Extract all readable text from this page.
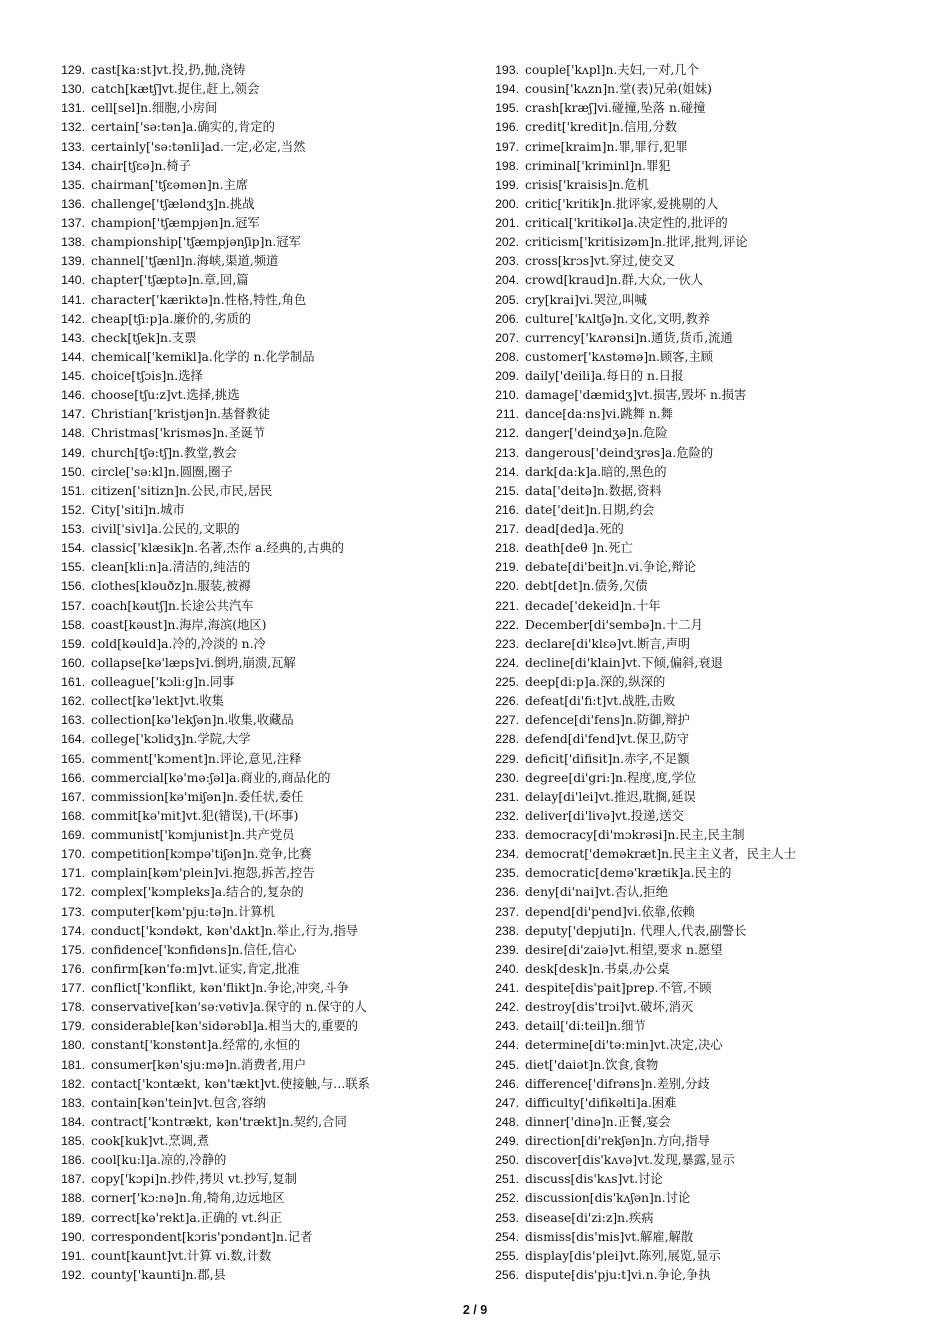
129. cast[ka:st]vt.投,扔,抛,浇铸
130. catch[kætʃ]vt.捉住,赶上,领会
131. cell[sel]n.细胞,小房间
132. certain['sə:tən]a.确实的,肯定的
133. certainly['sə:tənli]ad.一定,必定,当然
134. chair[tʃεə]n.椅子
135. chairman['tʃεəmən]n.主席
136. challenge['tʃæləndʒ]n.挑战
137. champion['tʃæmpjən]n.冠军
138. championship['tʃæmpjənʃip]n.冠军
139. channel['tʃænl]n.海峡,渠道,频道
140. chapter['tʃæptə]n.章,回,篇
141. character['kæriktə]n.性格,特性,角色
142. cheap[tʃi:p]a.廉价的,劣质的
143. check[tʃek]n.支票
144. chemical['kemikl]a.化学的 n.化学制品
145. choice[tʃɔis]n.选择
146. choose[tʃu:z]vt.选择,挑选
147. Christian['kristjən]n.基督教徒
148. Christmas['krisməs]n.圣诞节
149. church[tʃə:tʃ]n.教堂,教会
150. circle['sə:kl]n.圆圈,圈子
151. citizen['sitizn]n.公民,市民,居民
152. City['siti]n.城市
153. civil['sivl]a.公民的,文职的
154. classic['klæsik]n.名著,杰作 a.经典的,古典的
155. clean[kli:n]a.清洁的,纯洁的
156. clothes[kləuðz]n.服装,被褥
157. coach[kəutʃ]n.长途公共汽车
158. coast[kəust]n.海岸,海滨(地区)
159. cold[kəuld]a.冷的,冷淡的 n.冷
160. collapse[kə'læps]vi.倒坍,崩溃,瓦解
161. colleague['kɔli:g]n.同事
162. collect[kə'lekt]vt.收集
163. collection[kə'lekʃən]n.收集,收藏品
164. college['kɔlidʒ]n.学院,大学
165. comment['kɔment]n.评论,意见,注释
166. commercial[kə'mə:ʃəl]a.商业的,商品化的
167. commission[kə'miʃən]n.委任状,委任
168. commit[kə'mit]vt.犯(错误),干(坏事)
169. communist['kɔmjunist]n.共产党员
170. competition[kɔmpə'tiʃən]n.竞争,比赛
171. complain[kəm'plein]vi.抱怨,拆苦,控告
172. complex['kɔmpleks]a.结合的,复杂的
173. computer[kəm'pju:tə]n.计算机
174. conduct['kɔndəkt, kən'dʌkt]n.举止,行为,指导
175. confidence['kɔnfidəns]n.信任,信心
176. confirm[kən'fə:m]vt.证实,肯定,批准
177. conflict['kɔnflikt, kən'flikt]n.争论,冲突,斗争
178. conservative[kən'sə:vətiv]a.保守的 n.保守的人
179. considerable[kən'sidərəbl]a.相当大的,重要的
180. constant['kɔnstənt]a.经常的,永恒的
181. consumer[kən'sju:mə]n.消费者,用户
182. contact['kɔntækt, kən'tækt]vt.使接触,与…联系
183. contain[kən'tein]vt.包含,容纳
184. contract['kɔntrækt, kən'trækt]n.契约,合同
185. cook[kuk]vt.烹调,煮
186. cool[ku:l]a.凉的,冷静的
187. copy['kɔpi]n.抄件,拷贝 vt.抄写,复制
188. corner['kɔ:nə]n.角,犄角,边远地区
189. correct[kə'rekt]a.正确的 vt.纠正
190. correspondent[kɔris'pɔndənt]n.记者
191. count[kaunt]vt.计算 vi.数,计数
192. county['kaunti]n.郡,县
193. couple['kʌpl]n.夫妇,一对,几个
194. cousin['kʌzn]n.堂(表)兄弟(姐妹)
195. crash[kræʃ]vi.碰撞,坠落 n.碰撞
196. credit['kredit]n.信用,分数
197. crime[kraim]n.罪,罪行,犯罪
198. criminal['kriminl]n.罪犯
199. crisis['kraisis]n.危机
200. critic['kritik]n.批评家,爱挑剔的人
201. critical['kritikəl]a.决定性的,批评的
202. criticism['kritisizəm]n.批评,批判,评论
203. cross[krɔs]vt.穿过,使交叉
204. crowd[kraud]n.群,大众,一伙人
205. cry[krai]vi.哭泣,叫喊
206. culture['kʌltʃə]n.文化,文明,教养
207. currency['kʌrənsi]n.通货,货币,流通
208. customer['kʌstəmə]n.顾客,主顾
209. daily['deili]a.每日的 n.日报
210. damage['dæmidʒ]vt.损害,毁坏 n.损害
211. dance[da:ns]vi.跳舞 n.舞
212. danger['deindʒə]n.危险
213. dangerous['deindʒrəs]a.危险的
214. dark[da:k]a.暗的,黑色的
215. data['deitə]n.数据,资料
216. date['deit]n.日期,约会
217. dead[ded]a.死的
218. death[deθ ]n.死亡
219. debate[di'beit]n.vi.争论,辩论
220. debt[det]n.债务,欠债
221. decade['dekeid]n.十年
222. December[di'sembə]n.十二月
223. declare[di'klεə]vt.断言,声明
224. decline[di'klain]vt.下倾,偏斜,衰退
225. deep[di:p]a.深的,纵深的
226. defeat[di'fi:t]vt.战胜,击败
227. defence[di'fens]n.防御,辩护
228. defend[di'fend]vt.保卫,防守
229. deficit['difisit]n.赤字,不足额
230. degree[di'gri:]n.程度,度,学位
231. delay[di'lei]vt.推迟,耽搁,延误
232. deliver[di'livə]vt.投递,送交
233. democracy[di'mɔkrəsi]n.民主,民主制
234. democrat['deməkræt]n.民主主义者，民主人士
235. democratic[demə'krætik]a.民主的
236. deny[di'nai]vt.否认,拒绝
237. depend[di'pend]vi.依靠,依赖
238. deputy['depjuti]n. 代理人,代表,副警长
239. desire[di'zaiə]vt.相望,要求 n.愿望
240. desk[desk]n.书桌,办公桌
241. despite[dis'pait]prep.不管,不顾
242. destroy[dis'trɔi]vt.破坏,消灭
243. detail['di:teil]n.细节
244. determine[di'tə:min]vt.决定,决心
245. diet['daiət]n.饮食,食物
246. difference['difrəns]n.差别,分歧
247. difficulty['difikəlti]a.困难
248. dinner['dinə]n.正餐,宴会
249. direction[di'rekʃən]n.方向,指导
250. discover[dis'kʌvə]vt.发现,暴露,显示
251. discuss[dis'kʌs]vt.讨论
252. discussion[dis'kʌʃən]n.讨论
253. disease[di'zi:z]n.疾病
254. dismiss[dis'mis]vt.解雇,解散
255. display[dis'plei]vt.陈列,展览,显示
256. dispute[dis'pju:t]vi.n.争论,争执
2 / 9
